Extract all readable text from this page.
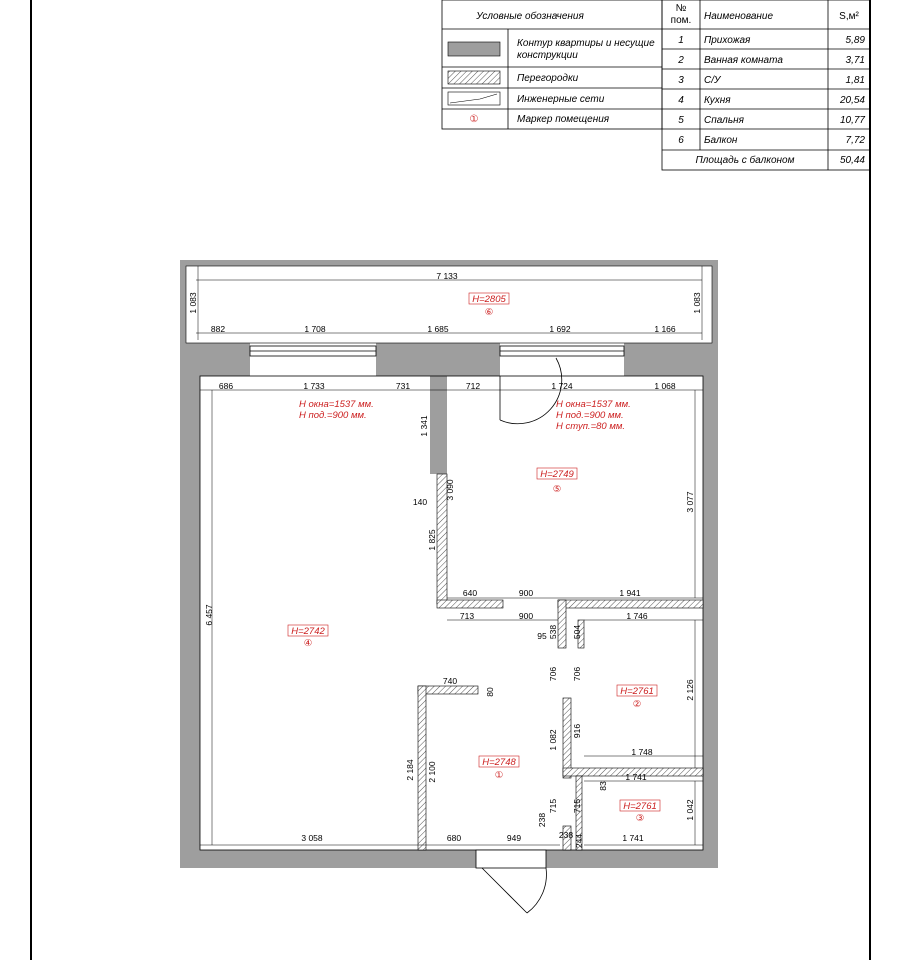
Условные обозначения
Контур квартиры и несущие
конструкции
Перегородки
Инженерные сети
①	Маркер помещения
№
пом. Наименование	S,м²
1 Прихожая	5,89
2 Ванная комната	3,71
3 С/У	1,81
4 Кухня	20,54
5 Спальня	10,77
6 Балкон	7,72
Площадь с балконом	50,44
7 133
1 083	1 083
882	1 708	1 685	1 692	1 166
686	1 733	731	712	1 724	1 068
1 341
3 090
3 077
140
1 825
640	900	1 941
713	900	1 746
6 457
538 504
95
740
80
706 706
2 126
1 082 916
1 748
2 184 2 100	1 741
83
715 715	1 042
238
238 244
3 058	680	949	1 741
Н окна=1537 мм.
Н под.=900 мм.
Н окна=1537 мм.
Н под.=900 мм.
Н ступ.=80 мм.
H=2805
⑥
H=2749
⑤
H=2742
④
H=2761
②
H=2748
①
H=2761
③
